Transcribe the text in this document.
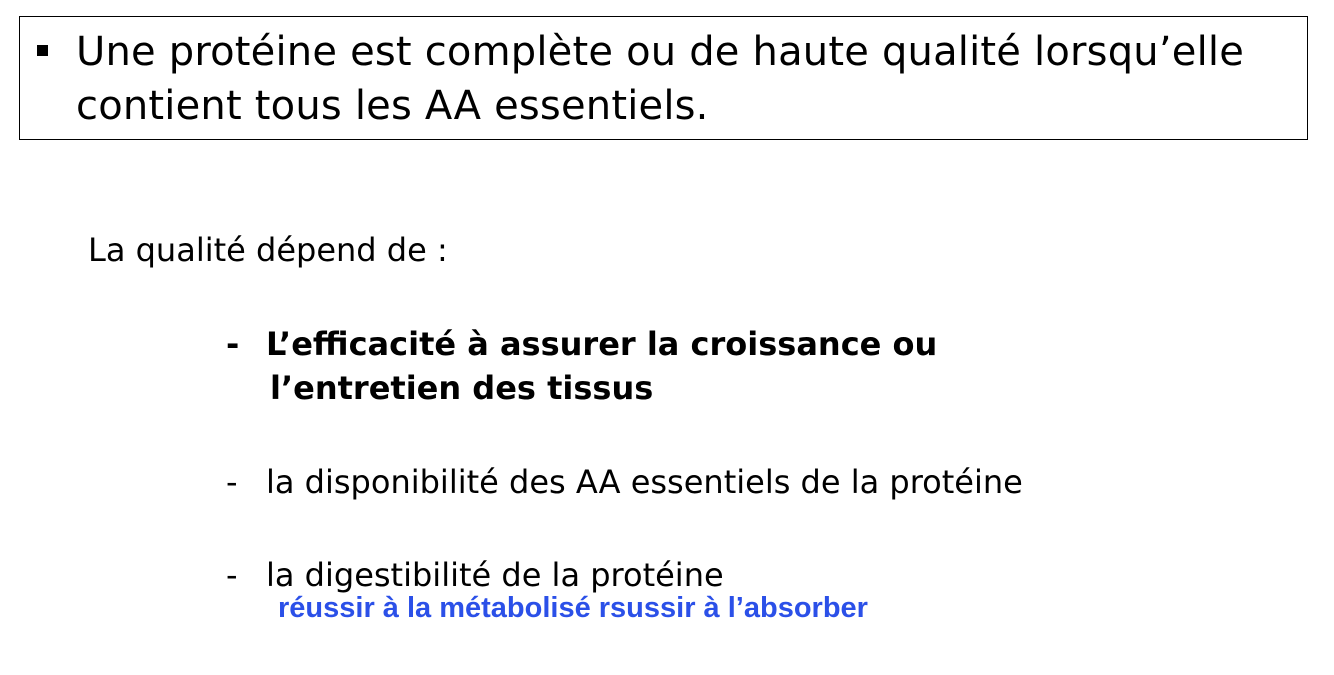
Une protéine est complète ou de haute qualité lorsqu’elle
contient tous les AA essentiels.
La qualité dépend de :
- L’efficacité à assurer la croissance ou
l’entretien des tissus
- la disponibilité des AA essentiels de la protéine
- la digestibilité de la protéine
réussir à la métabolisé rsussir à l’absorber
